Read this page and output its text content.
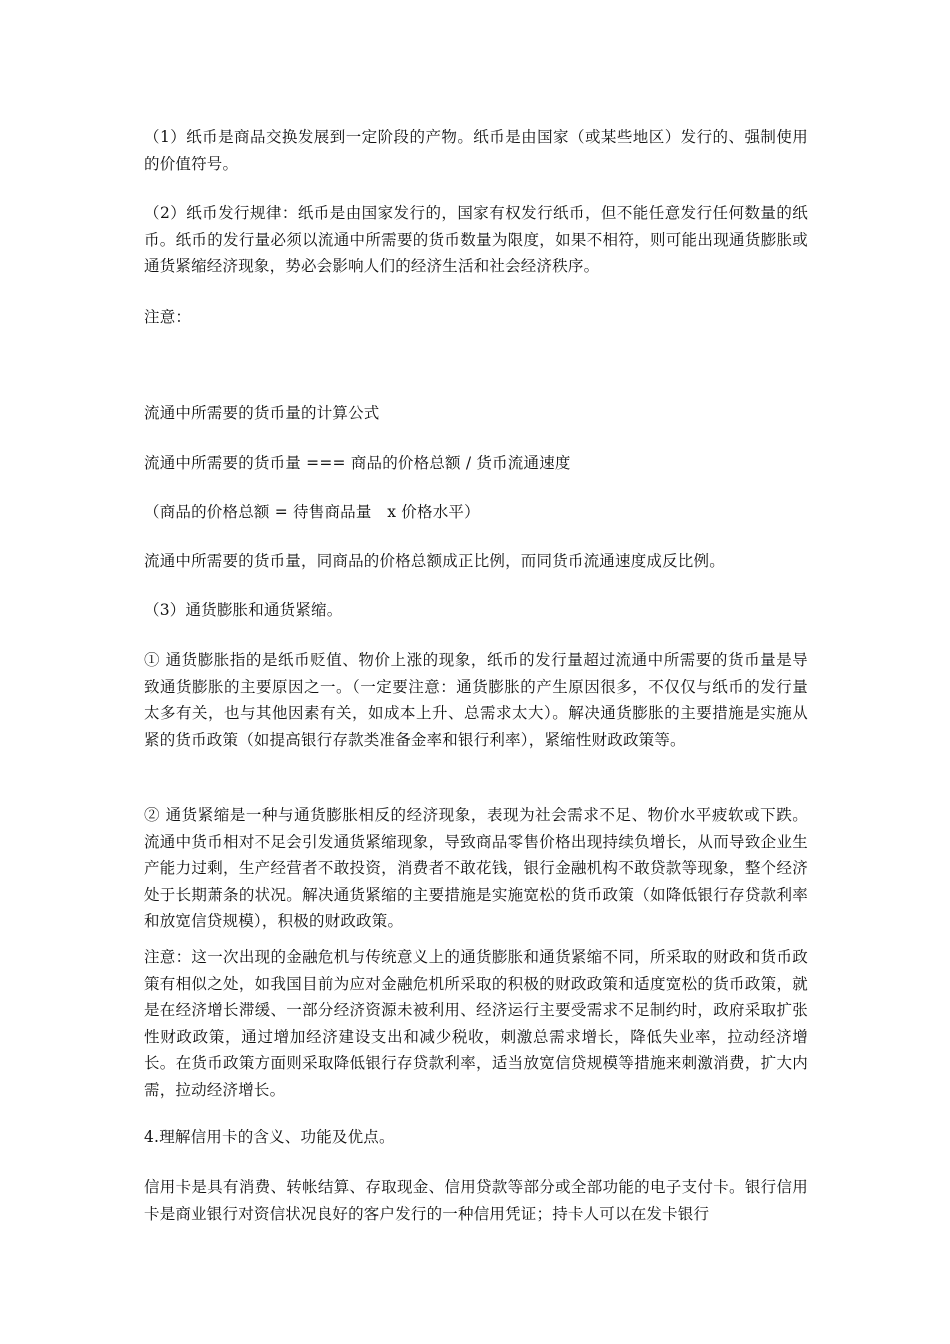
（1）纸币是商品交换发展到一定阶段的产物。纸币是由国家（或某些地区）发行的、强制使用的价值符号。

（2）纸币发行规律：纸币是由国家发行的，国家有权发行纸币，但不能任意发行任何数量的纸币。纸币的发行量必须以流通中所需要的货币数量为限度，如果不相符，则可能出现通货膨胀或通货紧缩经济现象，势必会影响人们的经济生活和社会经济秩序。

注意：

流通中所需要的货币量的计算公式

流通中所需要的货币量 === 商品的价格总额 / 货币流通速度

（商品的价格总额 = 待售商品量　x 价格水平）

流通中所需要的货币量，同商品的价格总额成正比例，而同货币流通速度成反比例。

（3）通货膨胀和通货紧缩。

① 通货膨胀指的是纸币贬值、物价上涨的现象，纸币的发行量超过流通中所需要的货币量是导致通货膨胀的主要原因之一。（一定要注意：通货膨胀的产生原因很多，不仅仅与纸币的发行量太多有关，也与其他因素有关，如成本上升、总需求太大）。解决通货膨胀的主要措施是实施从紧的货币政策（如提高银行存款类准备金率和银行利率），紧缩性财政政策等。

② 通货紧缩是一种与通货膨胀相反的经济现象，表现为社会需求不足、物价水平疲软或下跌。流通中货币相对不足会引发通货紧缩现象，导致商品零售价格出现持续负增长，从而导致企业生产能力过剩，生产经营者不敢投资，消费者不敢花钱，银行金融机构不敢贷款等现象，整个经济处于长期萧条的状况。解决通货紧缩的主要措施是实施宽松的货币政策（如降低银行存贷款利率和放宽信贷规模），积极的财政政策。

注意：这一次出现的金融危机与传统意义上的通货膨胀和通货紧缩不同，所采取的财政和货币政策有相似之处，如我国目前为应对金融危机所采取的积极的财政政策和适度宽松的货币政策，就是在经济增长滞缓、一部分经济资源未被利用、经济运行主要受需求不足制约时，政府采取扩张性财政政策，通过增加经济建设支出和减少税收，刺激总需求增长，降低失业率，拉动经济增长。在货币政策方面则采取降低银行存贷款利率，适当放宽信贷规模等措施来刺激消费，扩大内需，拉动经济增长。

4.理解信用卡的含义、功能及优点。

信用卡是具有消费、转帐结算、存取现金、信用贷款等部分或全部功能的电子支付卡。银行信用卡是商业银行对资信状况良好的客户发行的一种信用凭证；持卡人可以在发卡银行
